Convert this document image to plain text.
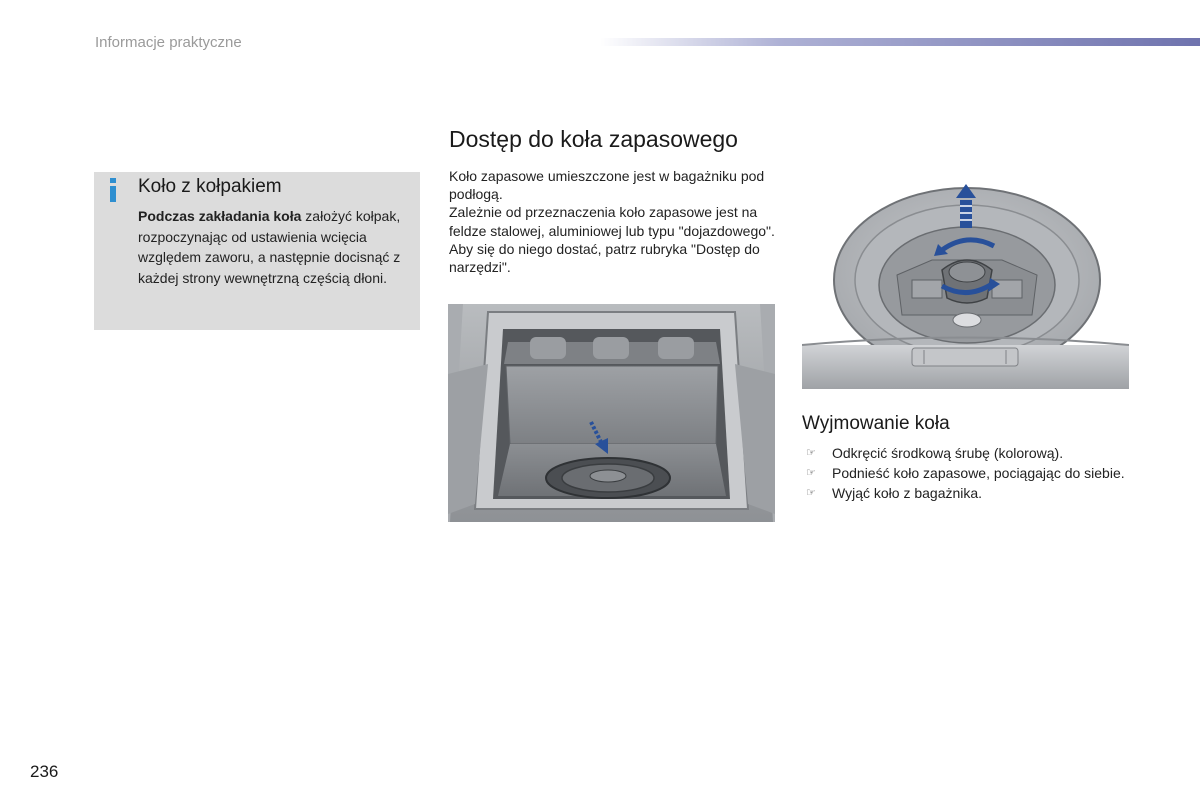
Informacje praktyczne
Koło z kołpakiem
Podczas zakładania koła założyć kołpak, rozpoczynając od ustawienia wcięcia względem zaworu, a następnie docisnąć z każdej strony wewnętrzną częścią dłoni.
Dostęp do koła zapasowego

Koło zapasowe umieszczone jest w bagażniku pod podłogą.

Zależnie od przeznaczenia koło zapasowe jest na feldze stalowej, aluminiowej lub typu "dojazdowego".

Aby się do niego dostać, patrz rubryka "Dostęp do narzędzi".

Wyjmowanie koła
☞ Odkręcić środkową śrubę (kolorową).
☞ Podnieść koło zapasowe, pociągając do siebie.
☞ Wyjąć koło z bagażnika.
236
